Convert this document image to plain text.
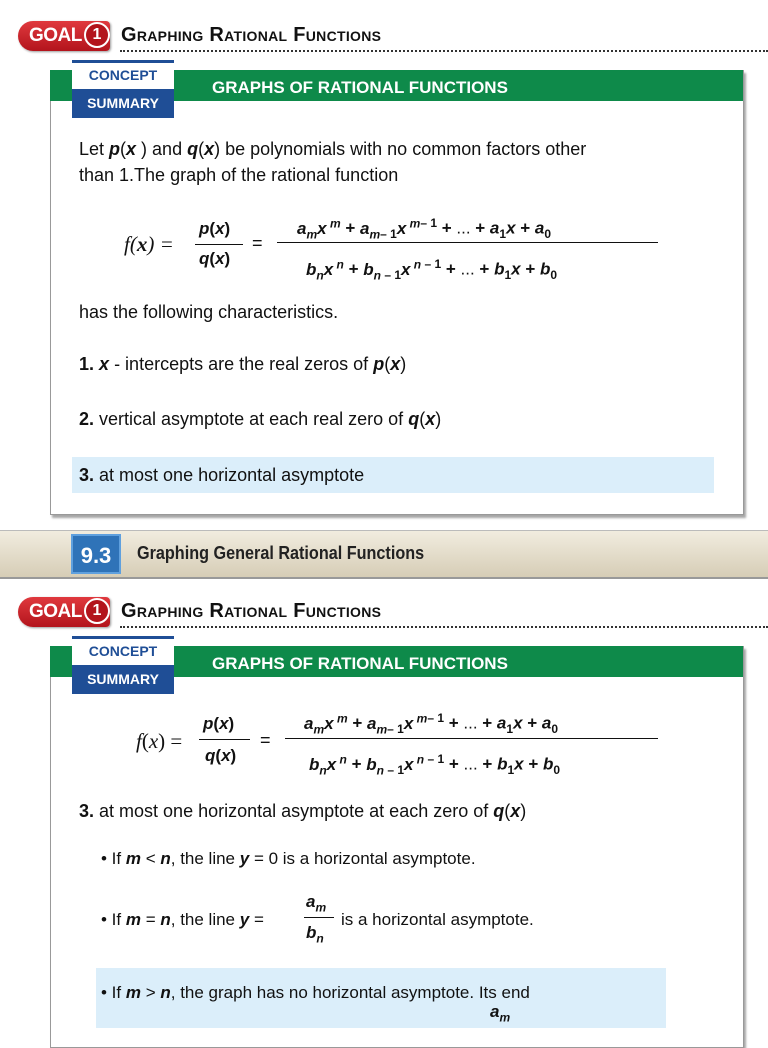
GOAL 1 Graphing Rational Functions
GRAPHS OF RATIONAL FUNCTIONS
CONCEPT
SUMMARY
Let p(x ) and q(x) be polynomials with no common factors other
than 1.The graph of the rational function
f(x) =
p(x)
q(x)
=
$a_mx$ $^m + a_{m- 1}x$ $^{m- 1}$ + ... + $a_1x + a_0$
$b_nx$ $^n + b_n$ $_{- 1}$x $^n$ $^{- 1}$ + ... + $b_1x + b_0$
has the following characteristics.
1. x - intercepts are the real zeros of p(x)
2. vertical asymptote at each real zero of q(x)
3. at most one horizontal asymptote
9.3	Graphing General Rational Functions
GOAL 1 Graphing Rational Functions
GRAPHS OF RATIONAL FUNCTIONS
CONCEPT
SUMMARY
f(x) =
p(x)
q(x)
=
$a_mx$ $^m + a_{m- 1}x$ $^{m- 1}$ + ... + $a_1x + a_0$
$b_nx$ $^n + b_n$ $_{- 1}$x $^n$ $^{- 1}$ + ... + $b_1x + b_0$
3. at most one horizontal asymptote at each zero of q(x)
• If m < n, the line y = 0 is a horizontal asymptote.
• If m = n, the line y =
$a_m$
$b_n$
is a horizontal asymptote.
• If m > n, the graph has no horizontal asymptote. Its end
$a_m$
